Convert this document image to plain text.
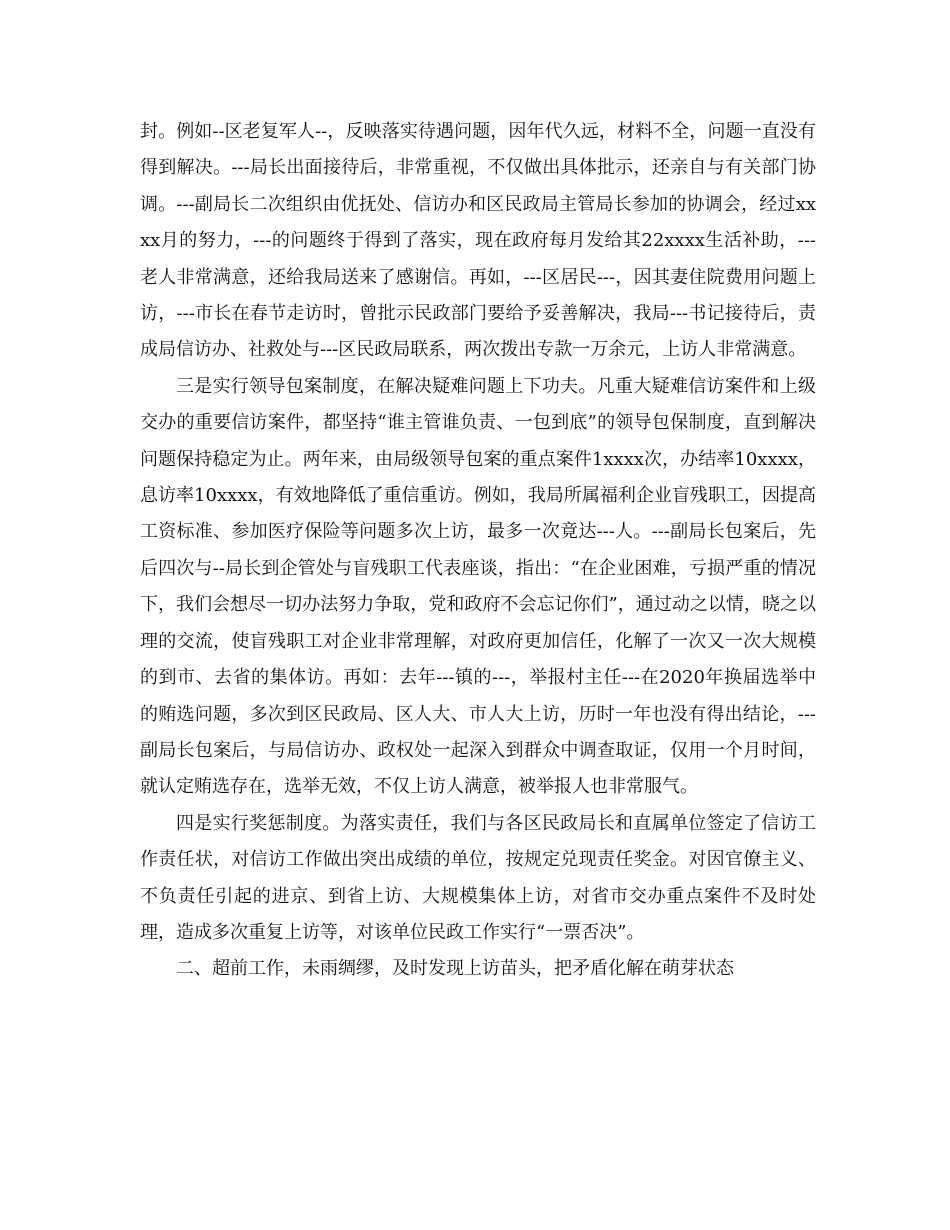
封。例如--区老复军人--，反映落实待遇问题，因年代久远，材料不全，问题一直没有得到解决。---局长出面接待后，非常重视，不仅做出具体批示，还亲自与有关部门协调。---副局长二次组织由优抚处、信访办和区民政局主管局长参加的协调会，经过xxxx月的努力，---的问题终于得到了落实，现在政府每月发给其22xxxx生活补助，---老人非常满意，还给我局送来了感谢信。再如，---区居民---，因其妻住院费用问题上访，---市长在春节走访时，曾批示民政部门要给予妥善解决，我局---书记接待后，责成局信访办、社救处与---区民政局联系，两次拨出专款一万余元，上访人非常满意。

三是实行领导包案制度，在解决疑难问题上下功夫。凡重大疑难信访案件和上级交办的重要信访案件，都坚持“谁主管谁负责、一包到底”的领导包保制度，直到解决问题保持稳定为止。两年来，由局级领导包案的重点案件1xxxx次，办结率10xxxx，息访率10xxxx，有效地降低了重信重访。例如，我局所属福利企业盲残职工，因提高工资标准、参加医疗保险等问题多次上访，最多一次竟达---人。---副局长包案后，先后四次与--局长到企管处与盲残职工代表座谈，指出：“在企业困难，亏损严重的情况下，我们会想尽一切办法努力争取，党和政府不会忘记你们”，通过动之以情，晓之以理的交流，使盲残职工对企业非常理解，对政府更加信任，化解了一次又一次大规模的到市、去省的集体访。再如：去年---镇的---，举报村主任---在2020年换届选举中的贿选问题，多次到区民政局、区人大、市人大上访，历时一年也没有得出结论，---副局长包案后，与局信访办、政权处一起深入到群众中调查取证，仅用一个月时间，就认定贿选存在，选举无效，不仅上访人满意，被举报人也非常服气。

四是实行奖惩制度。为落实责任，我们与各区民政局长和直属单位签定了信访工作责任状，对信访工作做出突出成绩的单位，按规定兑现责任奖金。对因官僚主义、不负责任引起的进京、到省上访、大规模集体上访，对省市交办重点案件不及时处理，造成多次重复上访等，对该单位民政工作实行“一票否决”。

二、超前工作，未雨绸缪，及时发现上访苗头，把矛盾化解在萌芽状态
